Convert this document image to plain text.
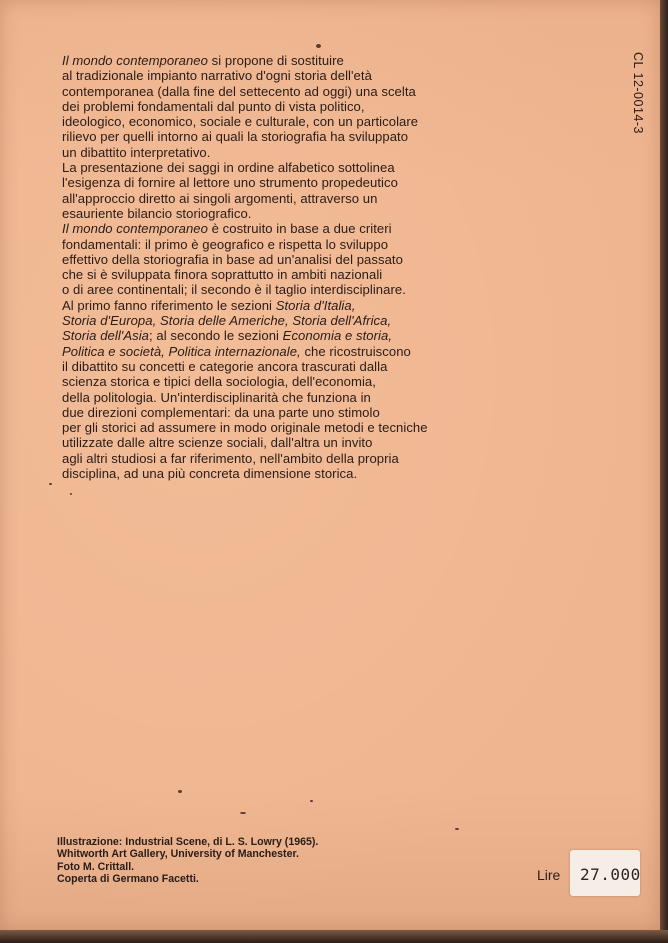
Il mondo contemporaneo si propone di sostituire
al tradizionale impianto narrativo d'ogni storia dell'età
contemporanea (dalla fine del settecento ad oggi) una scelta
dei problemi fondamentali dal punto di vista politico,
ideologico, economico, sociale e culturale, con un particolare
rilievo per quelli intorno ai quali la storiografia ha sviluppato
un dibattito interpretativo.
La presentazione dei saggi in ordine alfabetico sottolinea
l'esigenza di fornire al lettore uno strumento propedeutico
all'approccio diretto ai singoli argomenti, attraverso un
esauriente bilancio storiografico.
Il mondo contemporaneo è costruito in base a due criteri
fondamentali: il primo è geografico e rispetta lo sviluppo
effettivo della storiografia in base ad un'analisi del passato
che si è sviluppata finora soprattutto in ambiti nazionali
o di aree continentali; il secondo è il taglio interdisciplinare.
Al primo fanno riferimento le sezioni Storia d'Italia,
Storia d'Europa, Storia delle Americhe, Storia dell'Africa,
Storia dell'Asia; al secondo le sezioni Economia e storia,
Politica e società, Politica internazionale, che ricostruiscono
il dibattito su concetti e categorie ancora trascurati dalla
scienza storica e tipici della sociologia, dell'economia,
della politologia. Un'interdisciplinarità che funziona in
due direzioni complementari: da una parte uno stimolo
per gli storici ad assumere in modo originale metodi e tecniche
utilizzate dalle altre scienze sociali, dall'altra un invito
agli altri studiosi a far riferimento, nell'ambito della propria
disciplina, ad una più concreta dimensione storica.
Illustrazione: Industrial Scene, di L. S. Lowry (1965).
Whitworth Art Gallery, University of Manchester.
Foto M. Crittall.
Coperta di Germano Facetti.
CL 12-0014-3
Lire 27.000
